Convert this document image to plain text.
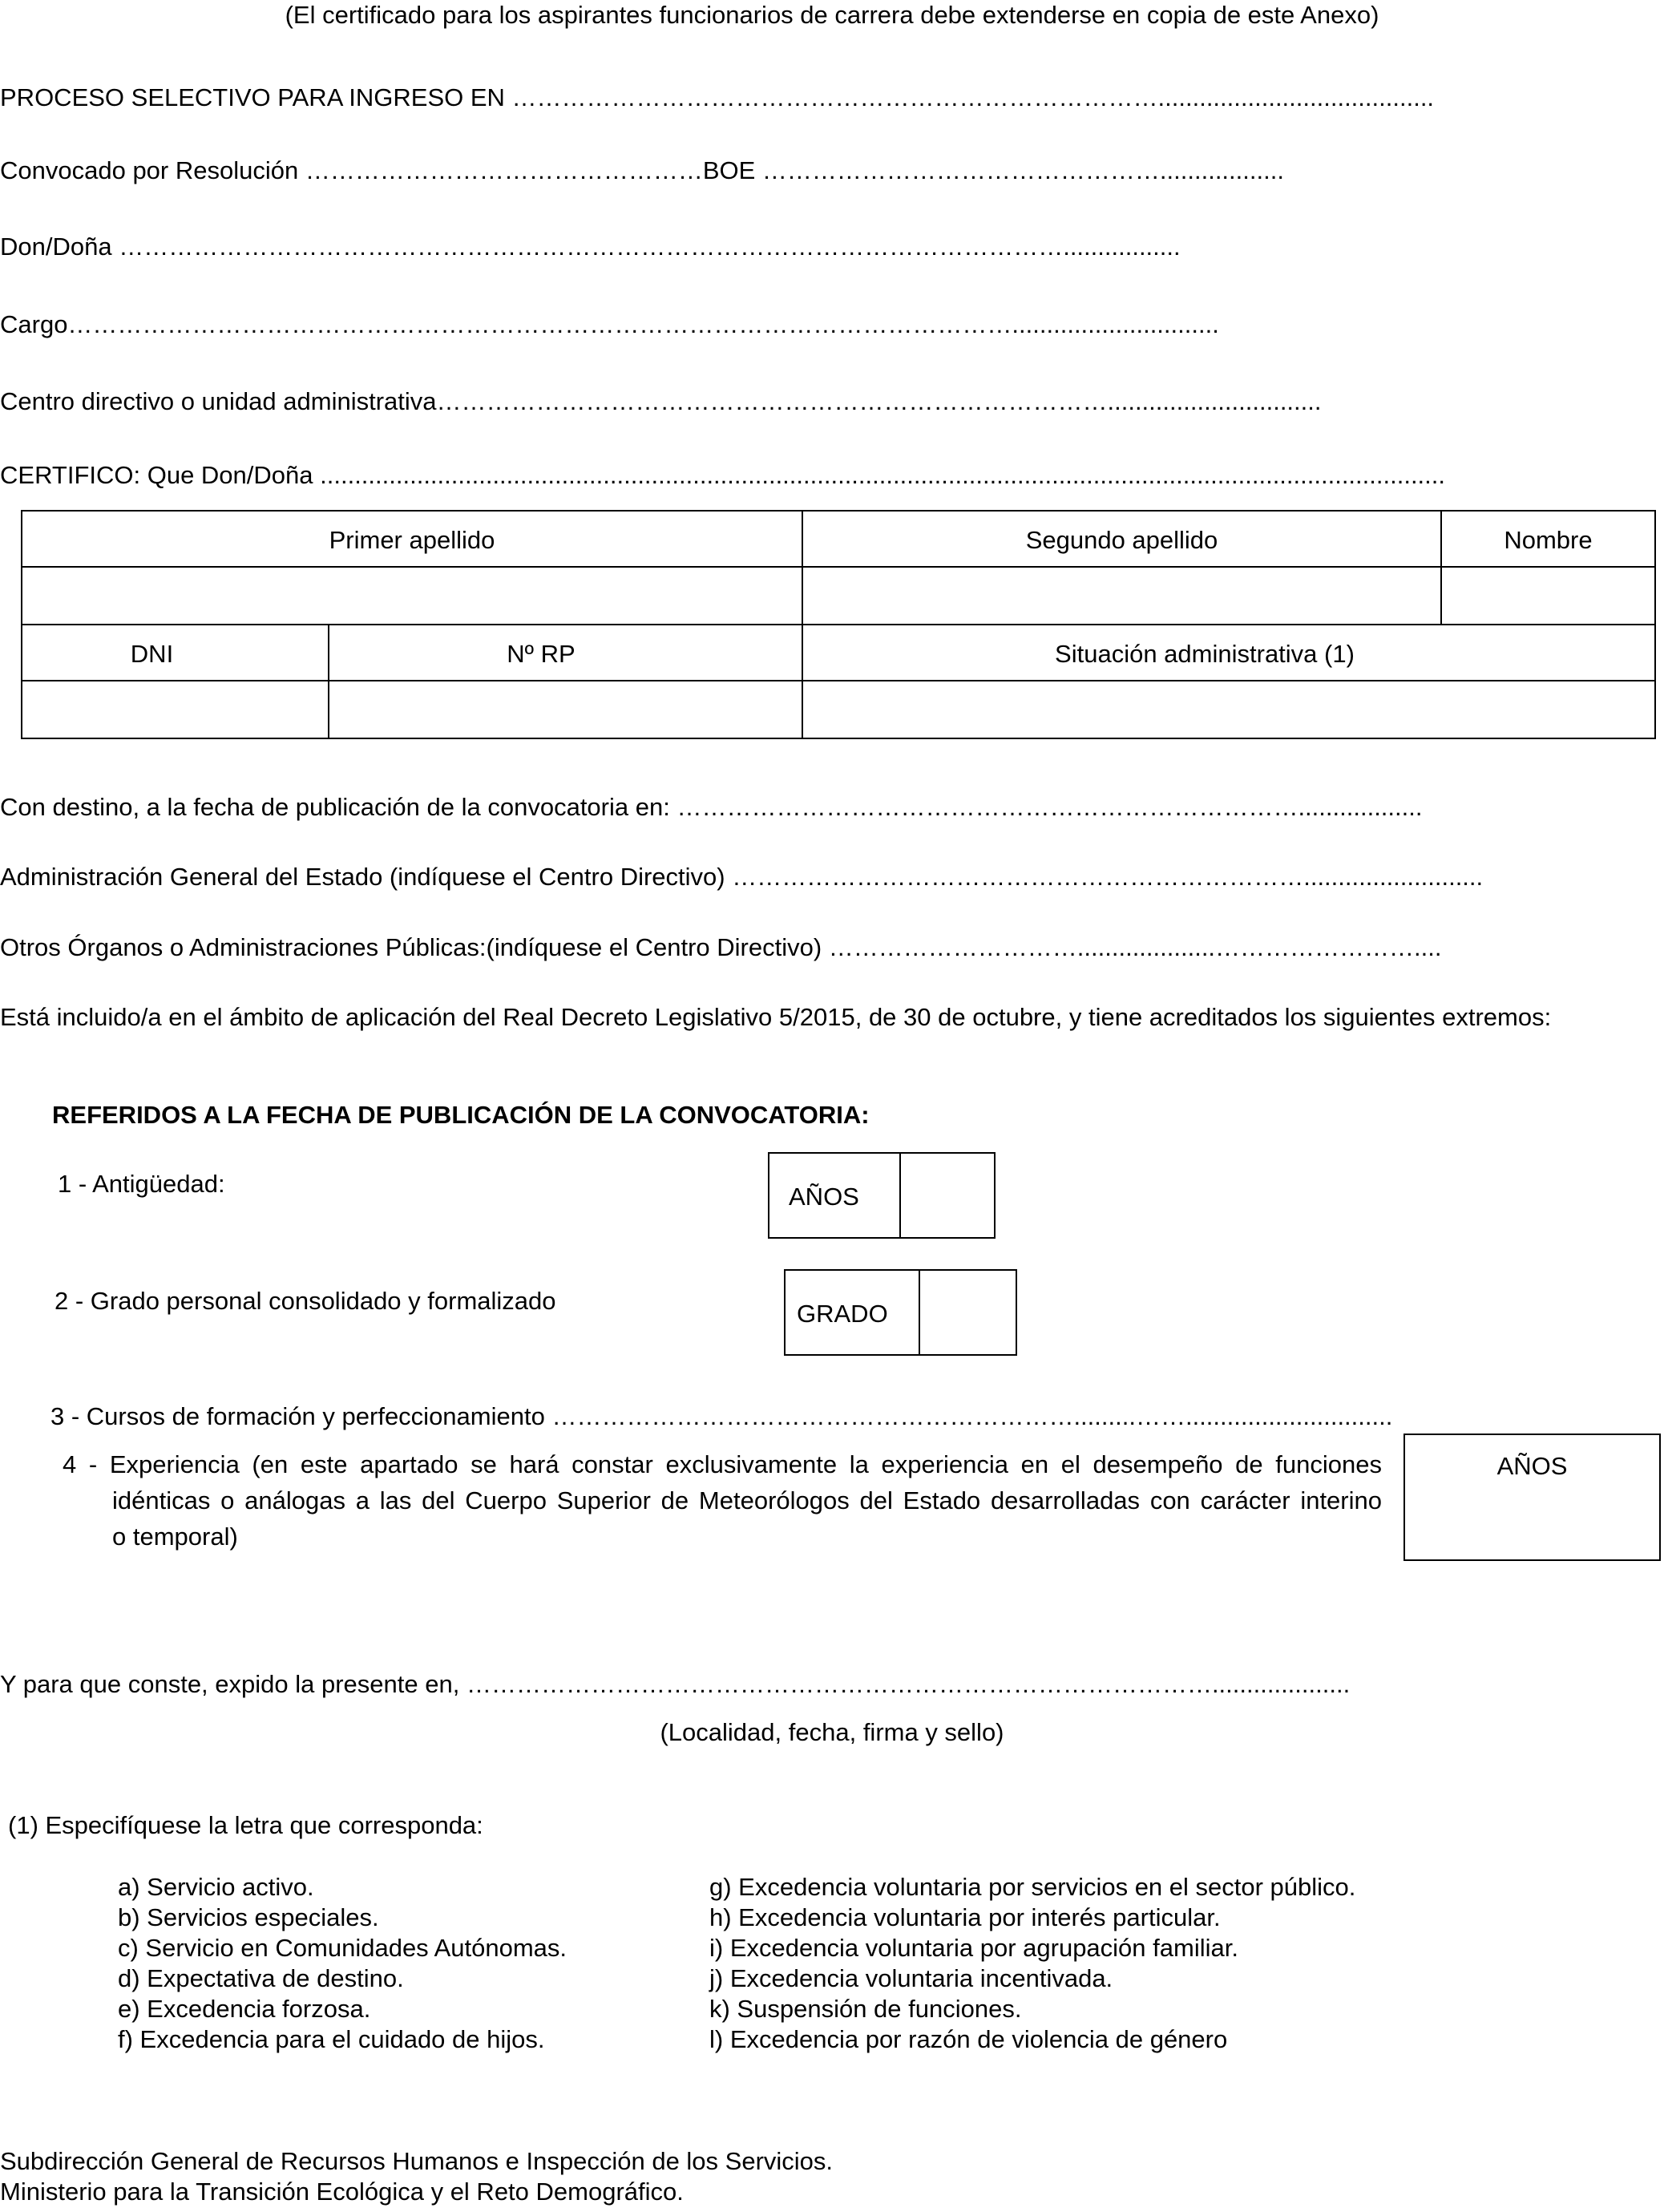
(El certificado para los aspirantes funcionarios de carrera debe extenderse en copia de este Anexo)
PROCESO SELECTIVO PARA INGRESO EN ……………………………………………………………………........................................
Convocado por Resolución …………………………………………BOE …………………………………………..................
Don/Doña …………………………………………………………………………………………………….................
Cargo……………………………………………………………………………………………………..............................
Centro directivo o unidad administrativa………………………………………………………………………...............................
CERTIFICO: Que Don/Doña ...................................................................................................................................................................
Primer apellido	Segundo apellido	Nombre
DNI	Nº RP	Situación administrativa (1)
Con destino, a la fecha de publicación de la convocatoria en: …………………………………………………………………..................
Administración General del Estado (indíquese el Centro Directivo) ……………………………………………………………..........................
Otros Órganos o Administraciones Públicas:(indíquese el Centro Directivo) …………………………....................……………………....
Está incluido/a en el ámbito de aplicación del Real Decreto Legislativo 5/2015, de 30 de octubre, y tiene acreditados los siguientes extremos:
REFERIDOS A LA FECHA DE PUBLICACIÓN DE LA CONVOCATORIA:
1 - Antigüedad:	AÑOS
2 - Grado personal consolidado y formalizado	GRADO
3 - Cursos de formación y perfeccionamiento ……………………………………………………….........……..............................
4 - Experiencia (en este apartado se hará constar exclusivamente la experiencia en el desempeño de funciones
idénticas o análogas a las del Cuerpo Superior de Meteorólogos del Estado desarrolladas con carácter interino
o temporal)
AÑOS
Y para que conste, expido la presente en, ………………………………………………………………………………....................
(Localidad, fecha, firma y sello)
(1) Especifíquese la letra que corresponda:
a) Servicio activo.
b) Servicios especiales.
c) Servicio en Comunidades Autónomas.
d) Expectativa de destino.
e) Excedencia forzosa.
f) Excedencia para el cuidado de hijos.
g) Excedencia voluntaria por servicios en el sector público.
h) Excedencia voluntaria por interés particular.
i) Excedencia voluntaria por agrupación familiar.
j) Excedencia voluntaria incentivada.
k) Suspensión de funciones.
l) Excedencia por razón de violencia de género
Subdirección General de Recursos Humanos e Inspección de los Servicios.
Ministerio para la Transición Ecológica y el Reto Demográfico.
